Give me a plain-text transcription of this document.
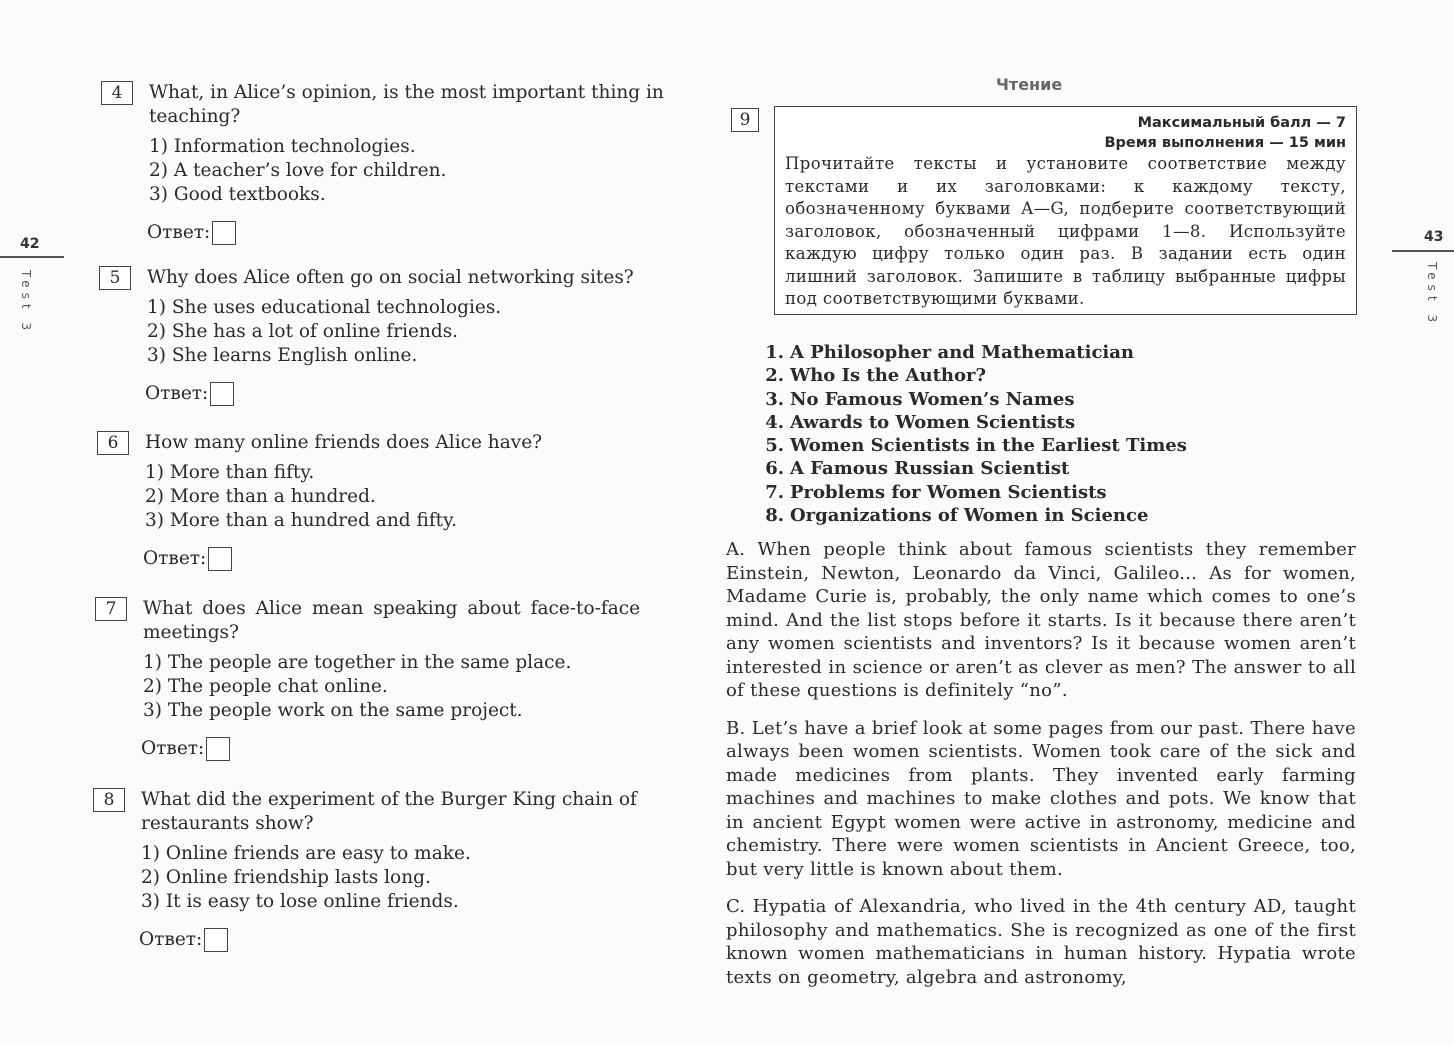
42
Test 3
4	What, in Alice’s opinion, is the most important thing in
teaching?
1) Information technologies.
2) A teacher’s love for children.
3) Good textbooks.
Ответ:
5	Why does Alice often go on social networking sites?
1) She uses educational technologies.
2) She has a lot of online friends.
3) She learns English online.
Ответ:
6	How many online friends does Alice have?
1) More than fifty.
2) More than a hundred.
3) More than a hundred and fifty.
Ответ:
7	What does Alice mean speaking about face-to-face
meetings?
1) The people are together in the same place.
2) The people chat online.
3) The people work on the same project.
Ответ:
8	What did the experiment of the Burger King chain of
restaurants show?
1) Online friends are easy to make.
2) Online friendship lasts long.
3) It is easy to lose online friends.
Ответ:
43
Test 3
Чтение
9	Максимальный балл — 7
Время выполнения — 15 мин
Прочитайте тексты и установите соответствие между текстами и их заголовками: к каждому тексту, обозначенному буквами A—G, подберите соответствующий заголовок, обозначенный цифрами 1—8. Используйте каждую цифру только один раз. В задании есть один лишний заголовок. Запишите в таблицу выбранные цифры под соответствующими буквами.
1. A Philosopher and Mathematician
2. Who Is the Author?
3. No Famous Women’s Names
4. Awards to Women Scientists
5. Women Scientists in the Earliest Times
6. A Famous Russian Scientist
7. Problems for Women Scientists
8. Organizations of Women in Science
A. When people think about famous scientists they remember Einstein, Newton, Leonardo da Vinci, Galileo... As for women, Madame Curie is, probably, the only name which comes to one’s mind. And the list stops before it starts. Is it because there aren’t any women scientists and inventors? Is it because women aren’t interested in science or aren’t as clever as men? The answer to all of these questions is definitely “no”.
B. Let’s have a brief look at some pages from our past. There have always been women scientists. Women took care of the sick and made medicines from plants. They invented early farming machines and machines to make clothes and pots. We know that in ancient Egypt women were active in astronomy, medicine and chemistry. There were women scientists in Ancient Greece, too, but very little is known about them.
C. Hypatia of Alexandria, who lived in the 4th century AD, taught philosophy and mathematics. She is recognized as one of the first known women mathematicians in human history. Hypatia wrote texts on geometry, algebra and astronomy,
